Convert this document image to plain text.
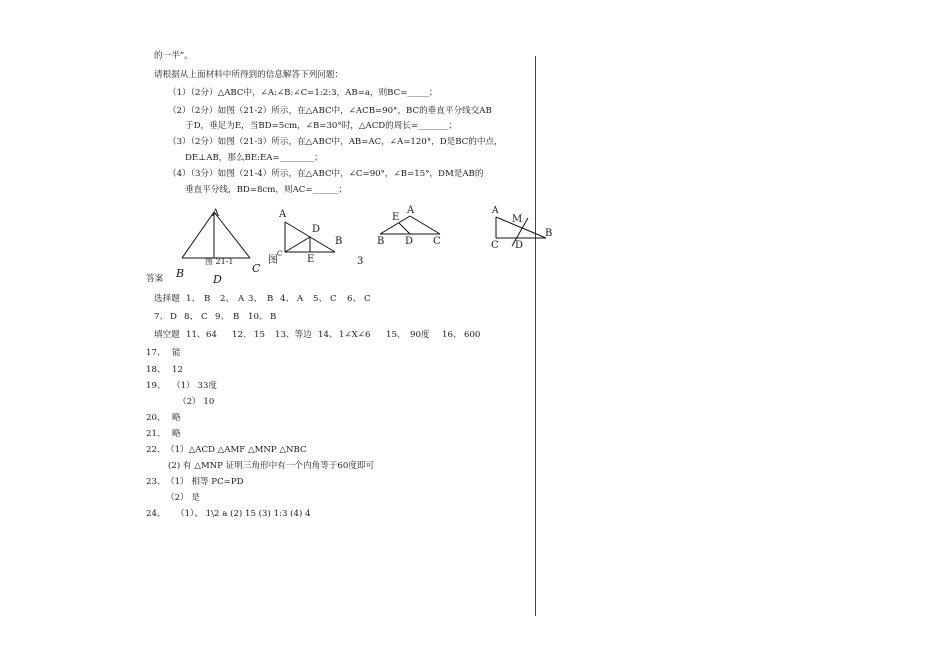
的一半”。
请根据从上面材料中所得到的信息解答下列问题：
（1）（2分）△ABC中，∠A:∠B:∠C=1:2:3，AB=a，则BC=_____；
（2）（2分）如图（21-2）所示，在△ABC中，∠ACB=90°，BC的垂直平分线交AB
于D，垂足为E，当BD=5cm，∠B=30°时，△ACD的周长=_______；
（3）（2分）如图（21-3）所示，在△ABC中，AB=AC，∠A=120°，D是BC的中点，
DE⊥AB，那么BE:EA=________；
（4）（3分）如图（21-4）所示，在△ABC中，∠C=90°，∠B=15°，DM是AB的
垂直平分线，BD=8cm，则AC=______；
A
B	D
C
图 21-1
A
D
B
E
C
图
A
E
B D C
3
A
M
B
C D
答案
选择题 1、 B 2、 A 3、 B 4、 A 5、 C 6、 C
7、 D 8、 C 9、 B 10、 B
填空题 11、 64 12、 15 13、等边 14、 1∠X∠6 15、 90度 16、 600
17、 能
18、 12
19、 （1） 33度
（2） 10
20、 略
21、 略
22、 （1）△ACD △AMF △MNP △NBC
(2) 有 △MNP 证明三角形中有一个内角等于60度即可
23、 （1） 相等 PC=PD
（2） 是
24、 （1）、 1\2 a (2) 15 (3) 1:3 (4) 4
